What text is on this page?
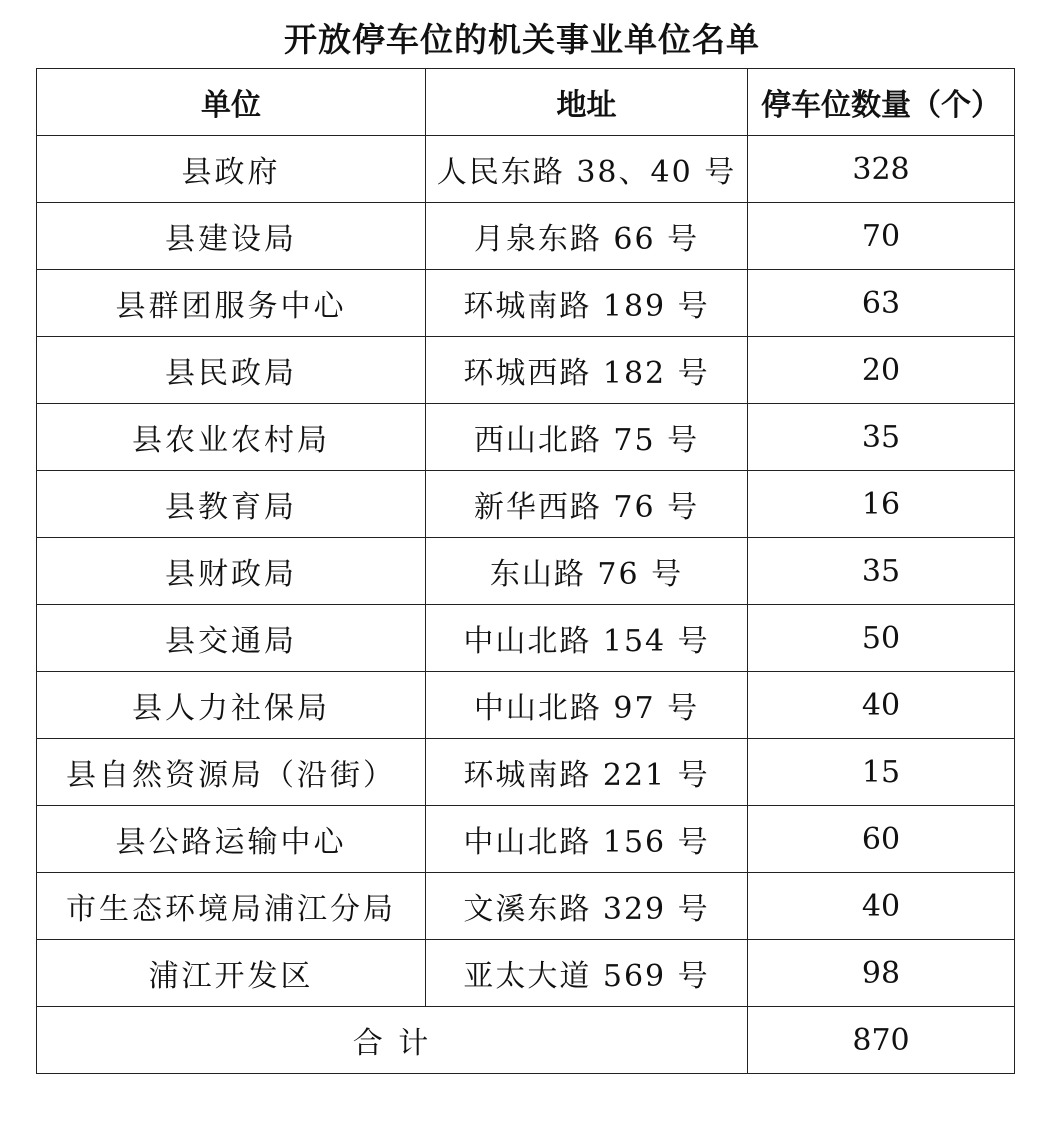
开放停车位的机关事业单位名单
单位	地址	停车位数量（个）
县政府	人民东路 38、40 号	328
县建设局	月泉东路 66 号	70
县群团服务中心	环城南路 189 号	63
县民政局	环城西路 182 号	20
县农业农村局	西山北路 75 号	35
县教育局	新华西路 76 号	16
县财政局	东山路 76 号	35
县交通局	中山北路 154 号	50
县人力社保局	中山北路 97 号	40
县自然资源局（沿街）	环城南路 221 号	15
县公路运输中心	中山北路 156 号	60
市生态环境局浦江分局	文溪东路 329 号	40
浦江开发区	亚太大道 569 号	98
合 计		870
